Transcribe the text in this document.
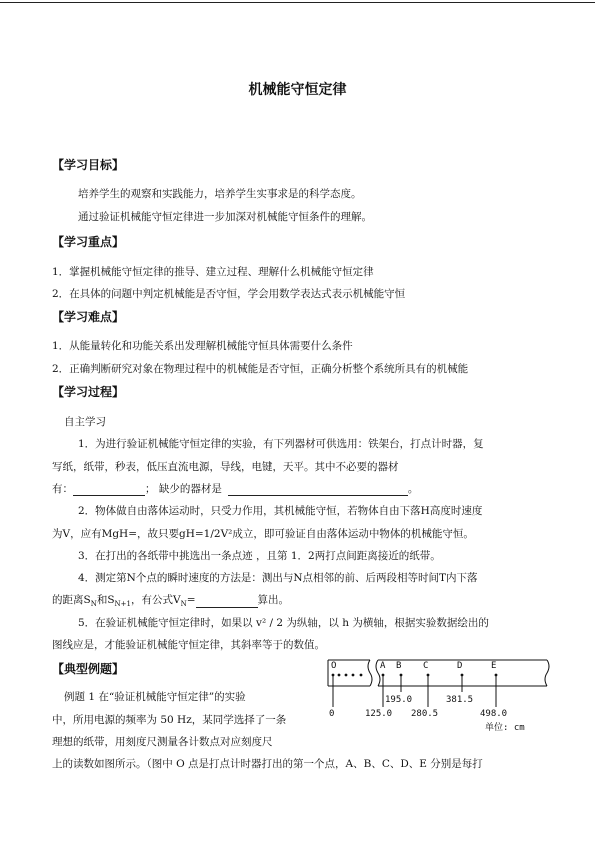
机械能守恒定律
【学习目标】
培养学生的观察和实践能力，培养学生实事求是的科学态度。
通过验证机械能守恒定律进一步加深对机械能守恒条件的理解。
【学习重点】
1．掌握机械能守恒定律的推导、建立过程、理解什么机械能守恒定律
2．在具体的问题中判定机械能是否守恒，学会用数学表达式表示机械能守恒
【学习难点】
1．从能量转化和功能关系出发理解机械能守恒具体需要什么条件
2．正确判断研究对象在物理过程中的机械能是否守恒，正确分析整个系统所具有的机械能
【学习过程】
自主学习
1．为进行验证机械能守恒定律的实验，有下列器材可供选用：铁架台，打点计时器，复
写纸，纸带，秒表，低压直流电源，导线，电键，天平。其中不必要的器材
有：	； 缺少的器材是	。
2．物体做自由落体运动时，只受力作用，其机械能守恒，若物体自由下落H高度时速度
为V，应有MgH=，故只要gH=1/2V²成立，即可验证自由落体运动中物体的机械能守恒。
3．在打出的各纸带中挑选出一条点迹 ，且第 1．2两打点间距离接近的纸带。
4．测定第N个点的瞬时速度的方法是：测出与N点相邻的前、后两段相等时间T内下落
的距离$S_N$和$S_{N+1}$，有公式$V_N=$	算出。
5．在验证机械能守恒定律时，如果以 v² / 2 为纵轴，以 h 为横轴，根据实验数据绘出的
图线应是，才能验证机械能守恒定律，其斜率等于的数值。
【典型例题】
例题 1 在“验证机械能守恒定律”的实验
中，所用电源的频率为 50 Hz，某同学选择了一条
理想的纸带，用刻度尺测量各计数点对应刻度尺
上的读数如图所示。（图中 O 点是打点计时器打出的第一个点，A、B、C、D、E 分别是每打
O	A B C	D	E
0	125.0
195.0
280.5
381.5
498.0
单位: cm
